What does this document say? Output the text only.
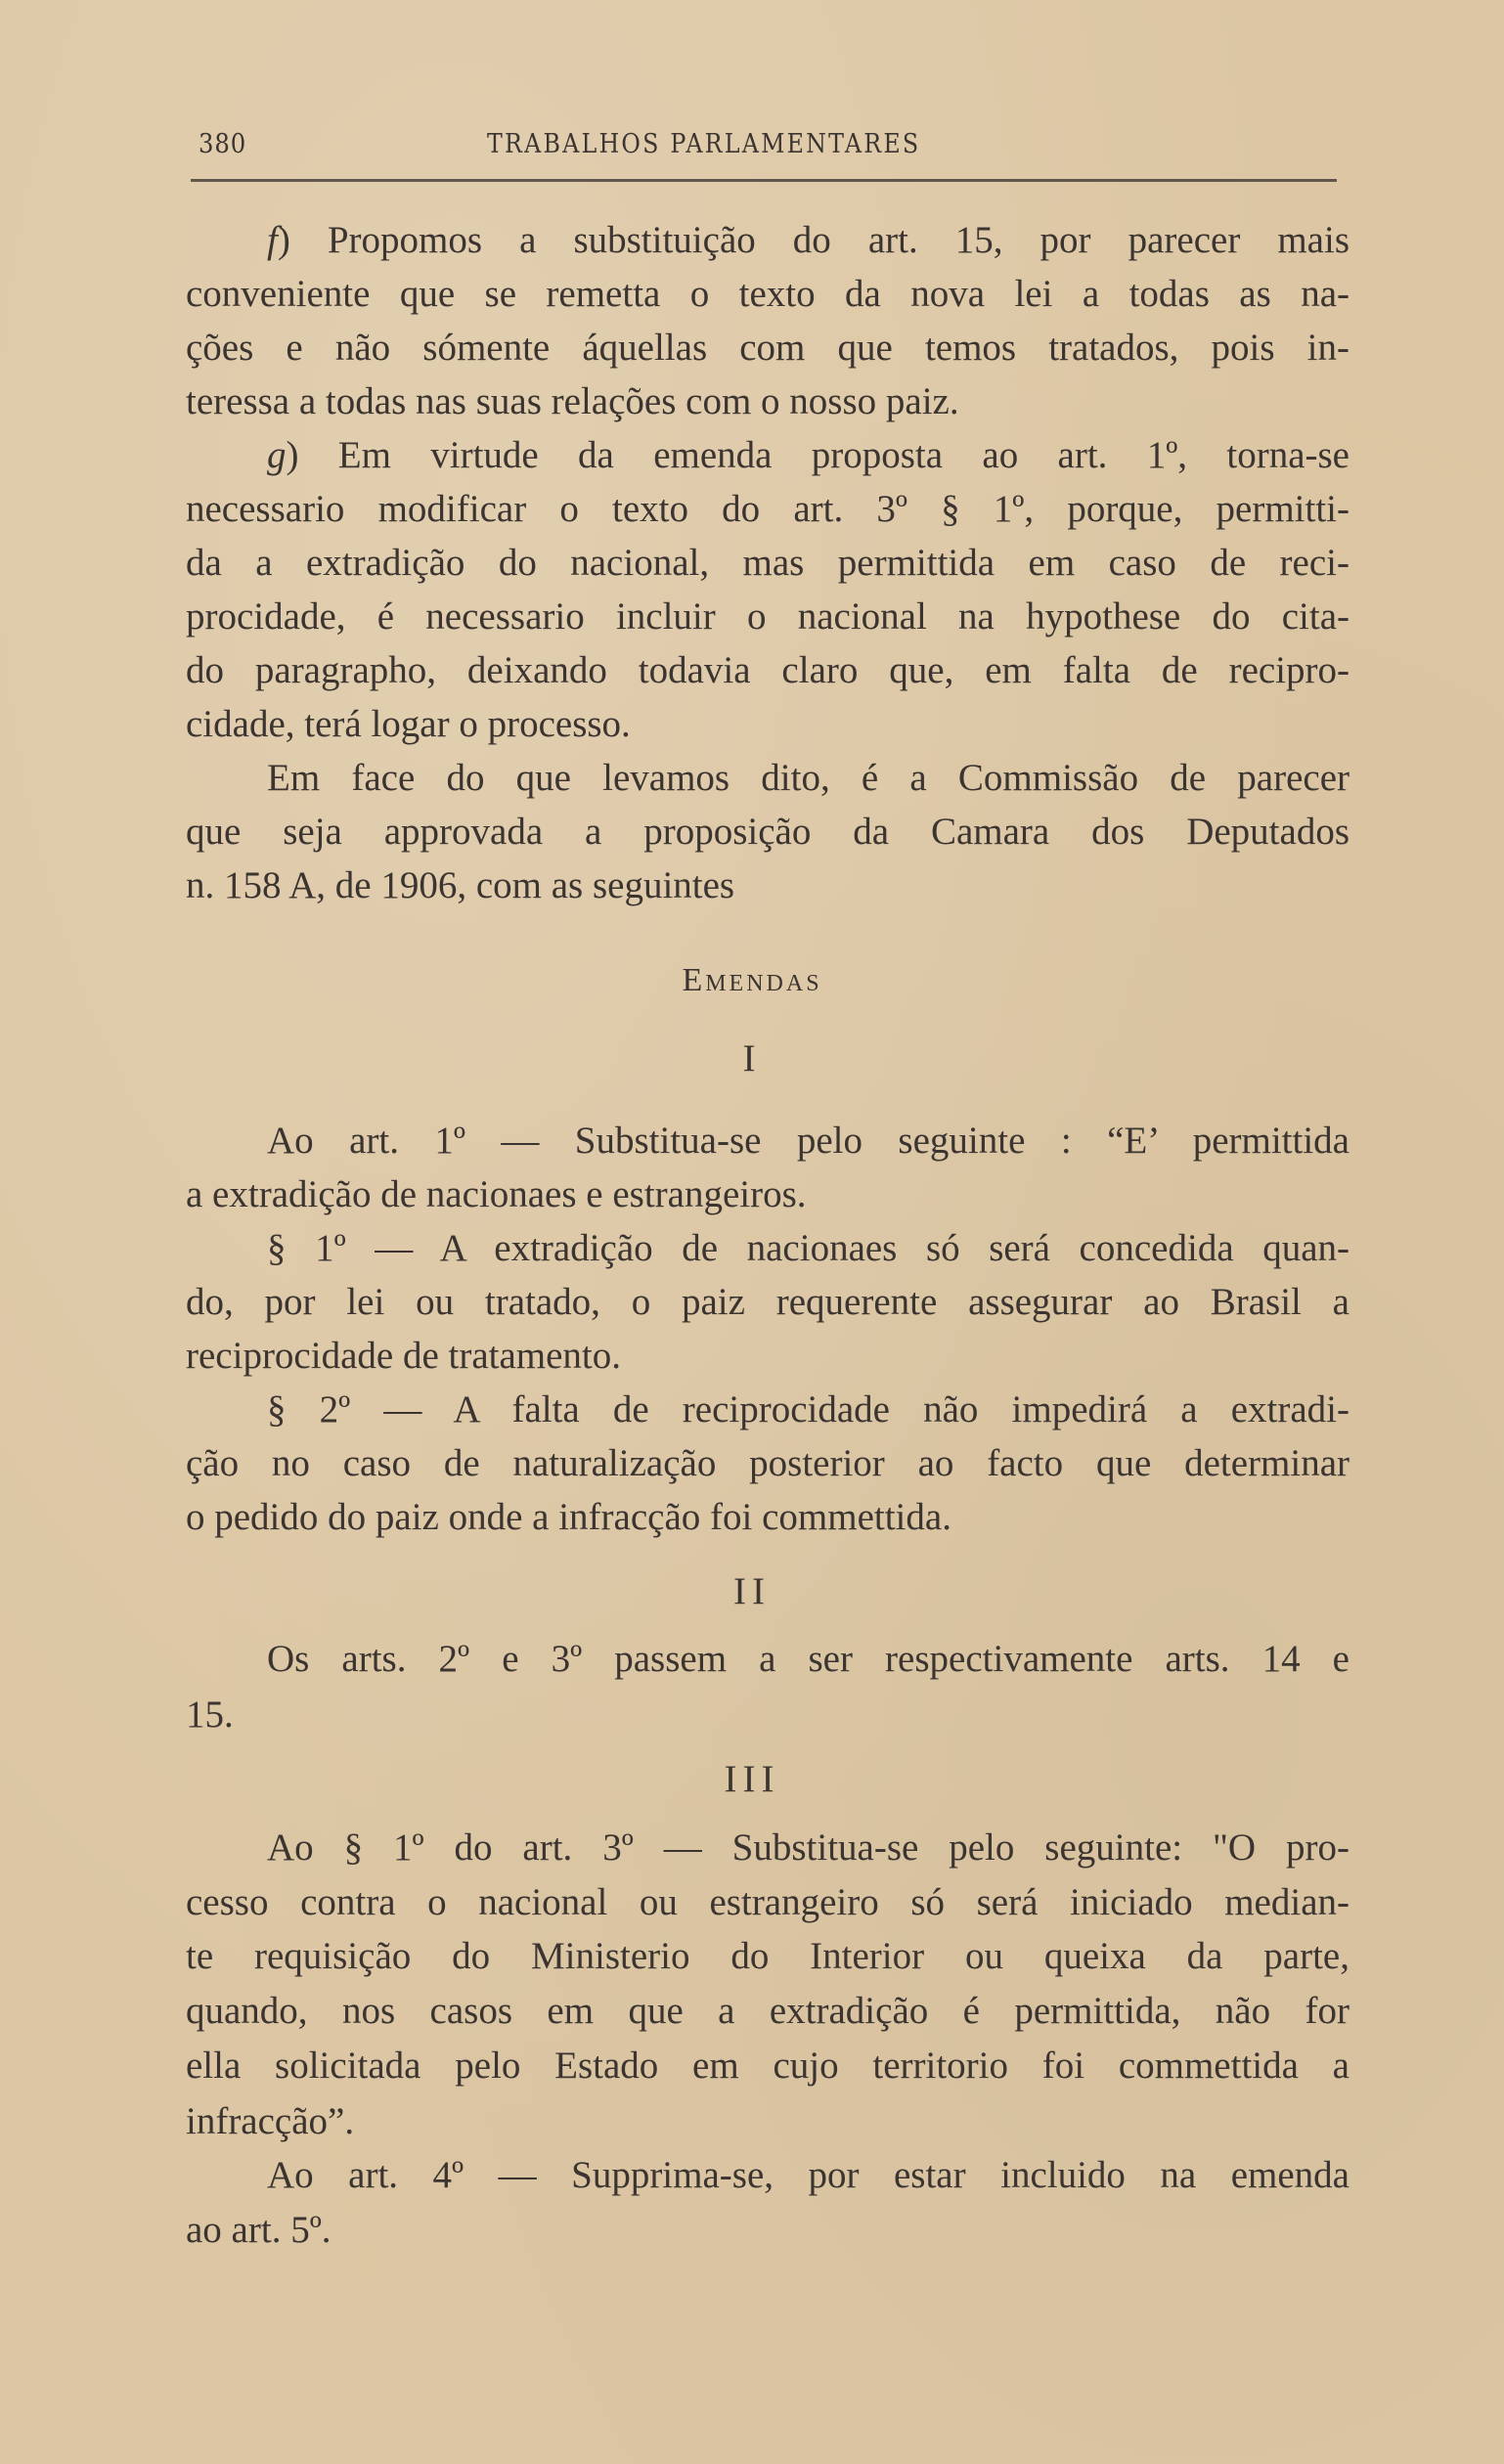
380	TRABALHOS PARLAMENTARES
f) Propomos a substituição do art. 15, por parecer mais
conveniente que se remetta o texto da nova lei a todas as na-
ções e não sómente áquellas com que temos tratados, pois in-
teressa a todas nas suas relações com o nosso paiz.
g) Em virtude da emenda proposta ao art. 1º, torna-se
necessario modificar o texto do art. 3º § 1º, porque, permitti-
da a extradição do nacional, mas permittida em caso de reci-
procidade, é necessario incluir o nacional na hypothese do cita-
do paragrapho, deixando todavia claro que, em falta de recipro-
cidade, terá logar o processo.
Em face do que levamos dito, é a Commissão de parecer
que seja approvada a proposição da Camara dos Deputados
n. 158 A, de 1906, com as seguintes
Emendas
I
Ao art. 1º — Substitua-se pelo seguinte : “E’ permittida
a extradição de nacionaes e estrangeiros.
§ 1º — A extradição de nacionaes só será concedida quan-
do, por lei ou tratado, o paiz requerente assegurar ao Brasil a
reciprocidade de tratamento.
§ 2º — A falta de reciprocidade não impedirá a extradi-
ção no caso de naturalização posterior ao facto que determinar
o pedido do paiz onde a infracção foi commettida.
II
Os arts. 2º e 3º passem a ser respectivamente arts. 14 e
15.
III
Ao § 1º do art. 3º — Substitua-se pelo seguinte: "O pro-
cesso contra o nacional ou estrangeiro só será iniciado median-
te requisição do Ministerio do Interior ou queixa da parte,
quando, nos casos em que a extradição é permittida, não for
ella solicitada pelo Estado em cujo territorio foi commettida a
infracção”.
Ao art. 4º — Supprima-se, por estar incluido na emenda
ao art. 5º.
